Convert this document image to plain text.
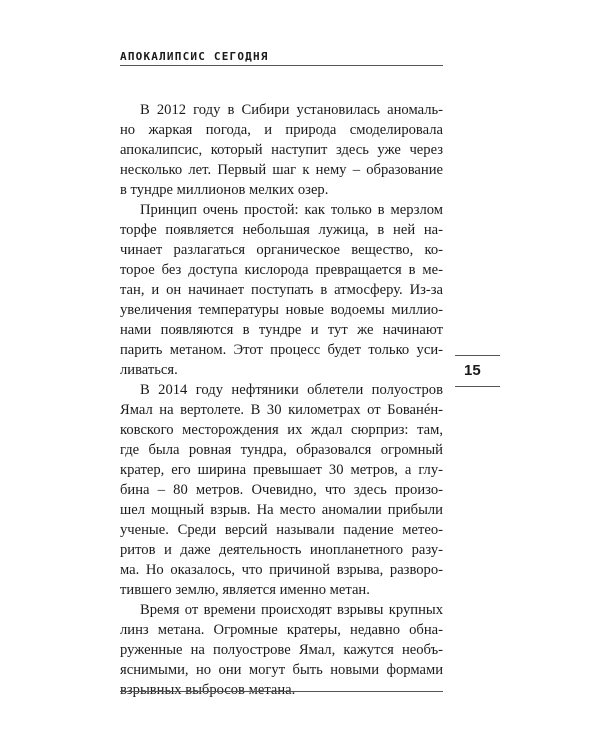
АПОКАЛИПСИС СЕГОДНЯ
15
В 2012 году в Сибири установилась аномаль-
но жаркая погода, и природа смоделировала
апокалипсис, который наступит здесь уже через
несколько лет. Первый шаг к нему – образование
в тундре миллионов мелких озер.
Принцип очень простой: как только в мерзлом
торфе появляется небольшая лужица, в ней на-
чинает разлагаться органическое вещество, ко-
торое без доступа кислорода превращается в ме-
тан, и он начинает поступать в атмосферу. Из-за
увеличения температуры новые водоемы миллио-
нами появляются в тундре и тут же начинают
парить метаном. Этот процесс будет только уси-
ливаться.
В 2014 году нефтяники облетели полуостров
Ямал на вертолете. В 30 километрах от Бованéн-
ковского месторождения их ждал сюрприз: там,
где была ровная тундра, образовался огромный
кратер, его ширина превышает 30 метров, а глу-
бина – 80 метров. Очевидно, что здесь произо-
шел мощный взрыв. На место аномалии прибыли
ученые. Среди версий называли падение метео-
ритов и даже деятельность инопланетного разу-
ма. Но оказалось, что причиной взрыва, разворо-
тившего землю, является именно метан.
Время от времени происходят взрывы крупных
линз метана. Огромные кратеры, недавно обна-
руженные на полуострове Ямал, кажутся необъ-
яснимыми, но они могут быть новыми формами
взрывных выбросов метана.
